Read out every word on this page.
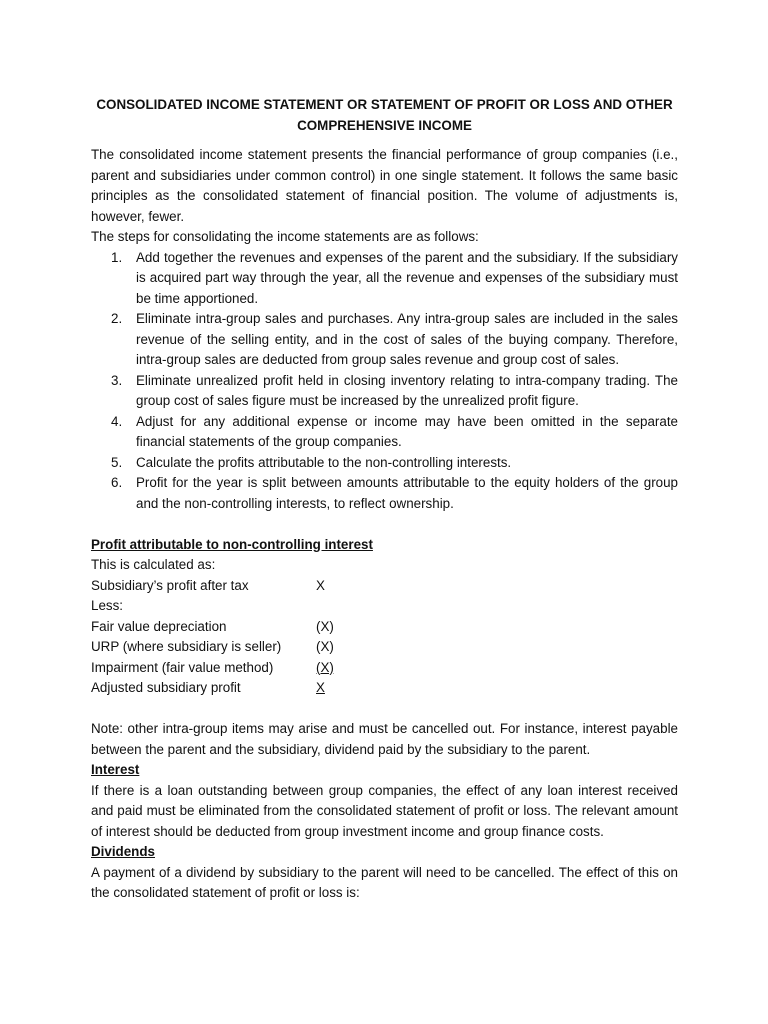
CONSOLIDATED INCOME STATEMENT OR STATEMENT OF PROFIT OR LOSS AND OTHER
COMPREHENSIVE INCOME

The consolidated income statement presents the financial performance of group companies (i.e., parent and subsidiaries under common control) in one single statement. It follows the same basic principles as the consolidated statement of financial position. The volume of adjustments is, however, fewer.

The steps for consolidating the income statements are as follows:

1. Add together the revenues and expenses of the parent and the subsidiary. If the subsidiary is acquired part way through the year, all the revenue and expenses of the subsidiary must be time apportioned.
2. Eliminate intra-group sales and purchases. Any intra-group sales are included in the sales revenue of the selling entity, and in the cost of sales of the buying company. Therefore, intra-group sales are deducted from group sales revenue and group cost of sales.
3. Eliminate unrealized profit held in closing inventory relating to intra-company trading. The group cost of sales figure must be increased by the unrealized profit figure.
4. Adjust for any additional expense or income may have been omitted in the separate financial statements of the group companies.
5. Calculate the profits attributable to the non-controlling interests.
6. Profit for the year is split between amounts attributable to the equity holders of the group and the non-controlling interests, to reflect ownership.

Profit attributable to non-controlling interest

This is calculated as:

Subsidiary’s profit after tax	X
Less:
Fair value depreciation	(X)
URP (where subsidiary is seller)	(X)
Impairment (fair value method)	(X)
Adjusted subsidiary profit	X

Note: other intra-group items may arise and must be cancelled out. For instance, interest payable between the parent and the subsidiary, dividend paid by the subsidiary to the parent.

Interest

If there is a loan outstanding between group companies, the effect of any loan interest received and paid must be eliminated from the consolidated statement of profit or loss. The relevant amount of interest should be deducted from group investment income and group finance costs.

Dividends

A payment of a dividend by subsidiary to the parent will need to be cancelled. The effect of this on the consolidated statement of profit or loss is:
